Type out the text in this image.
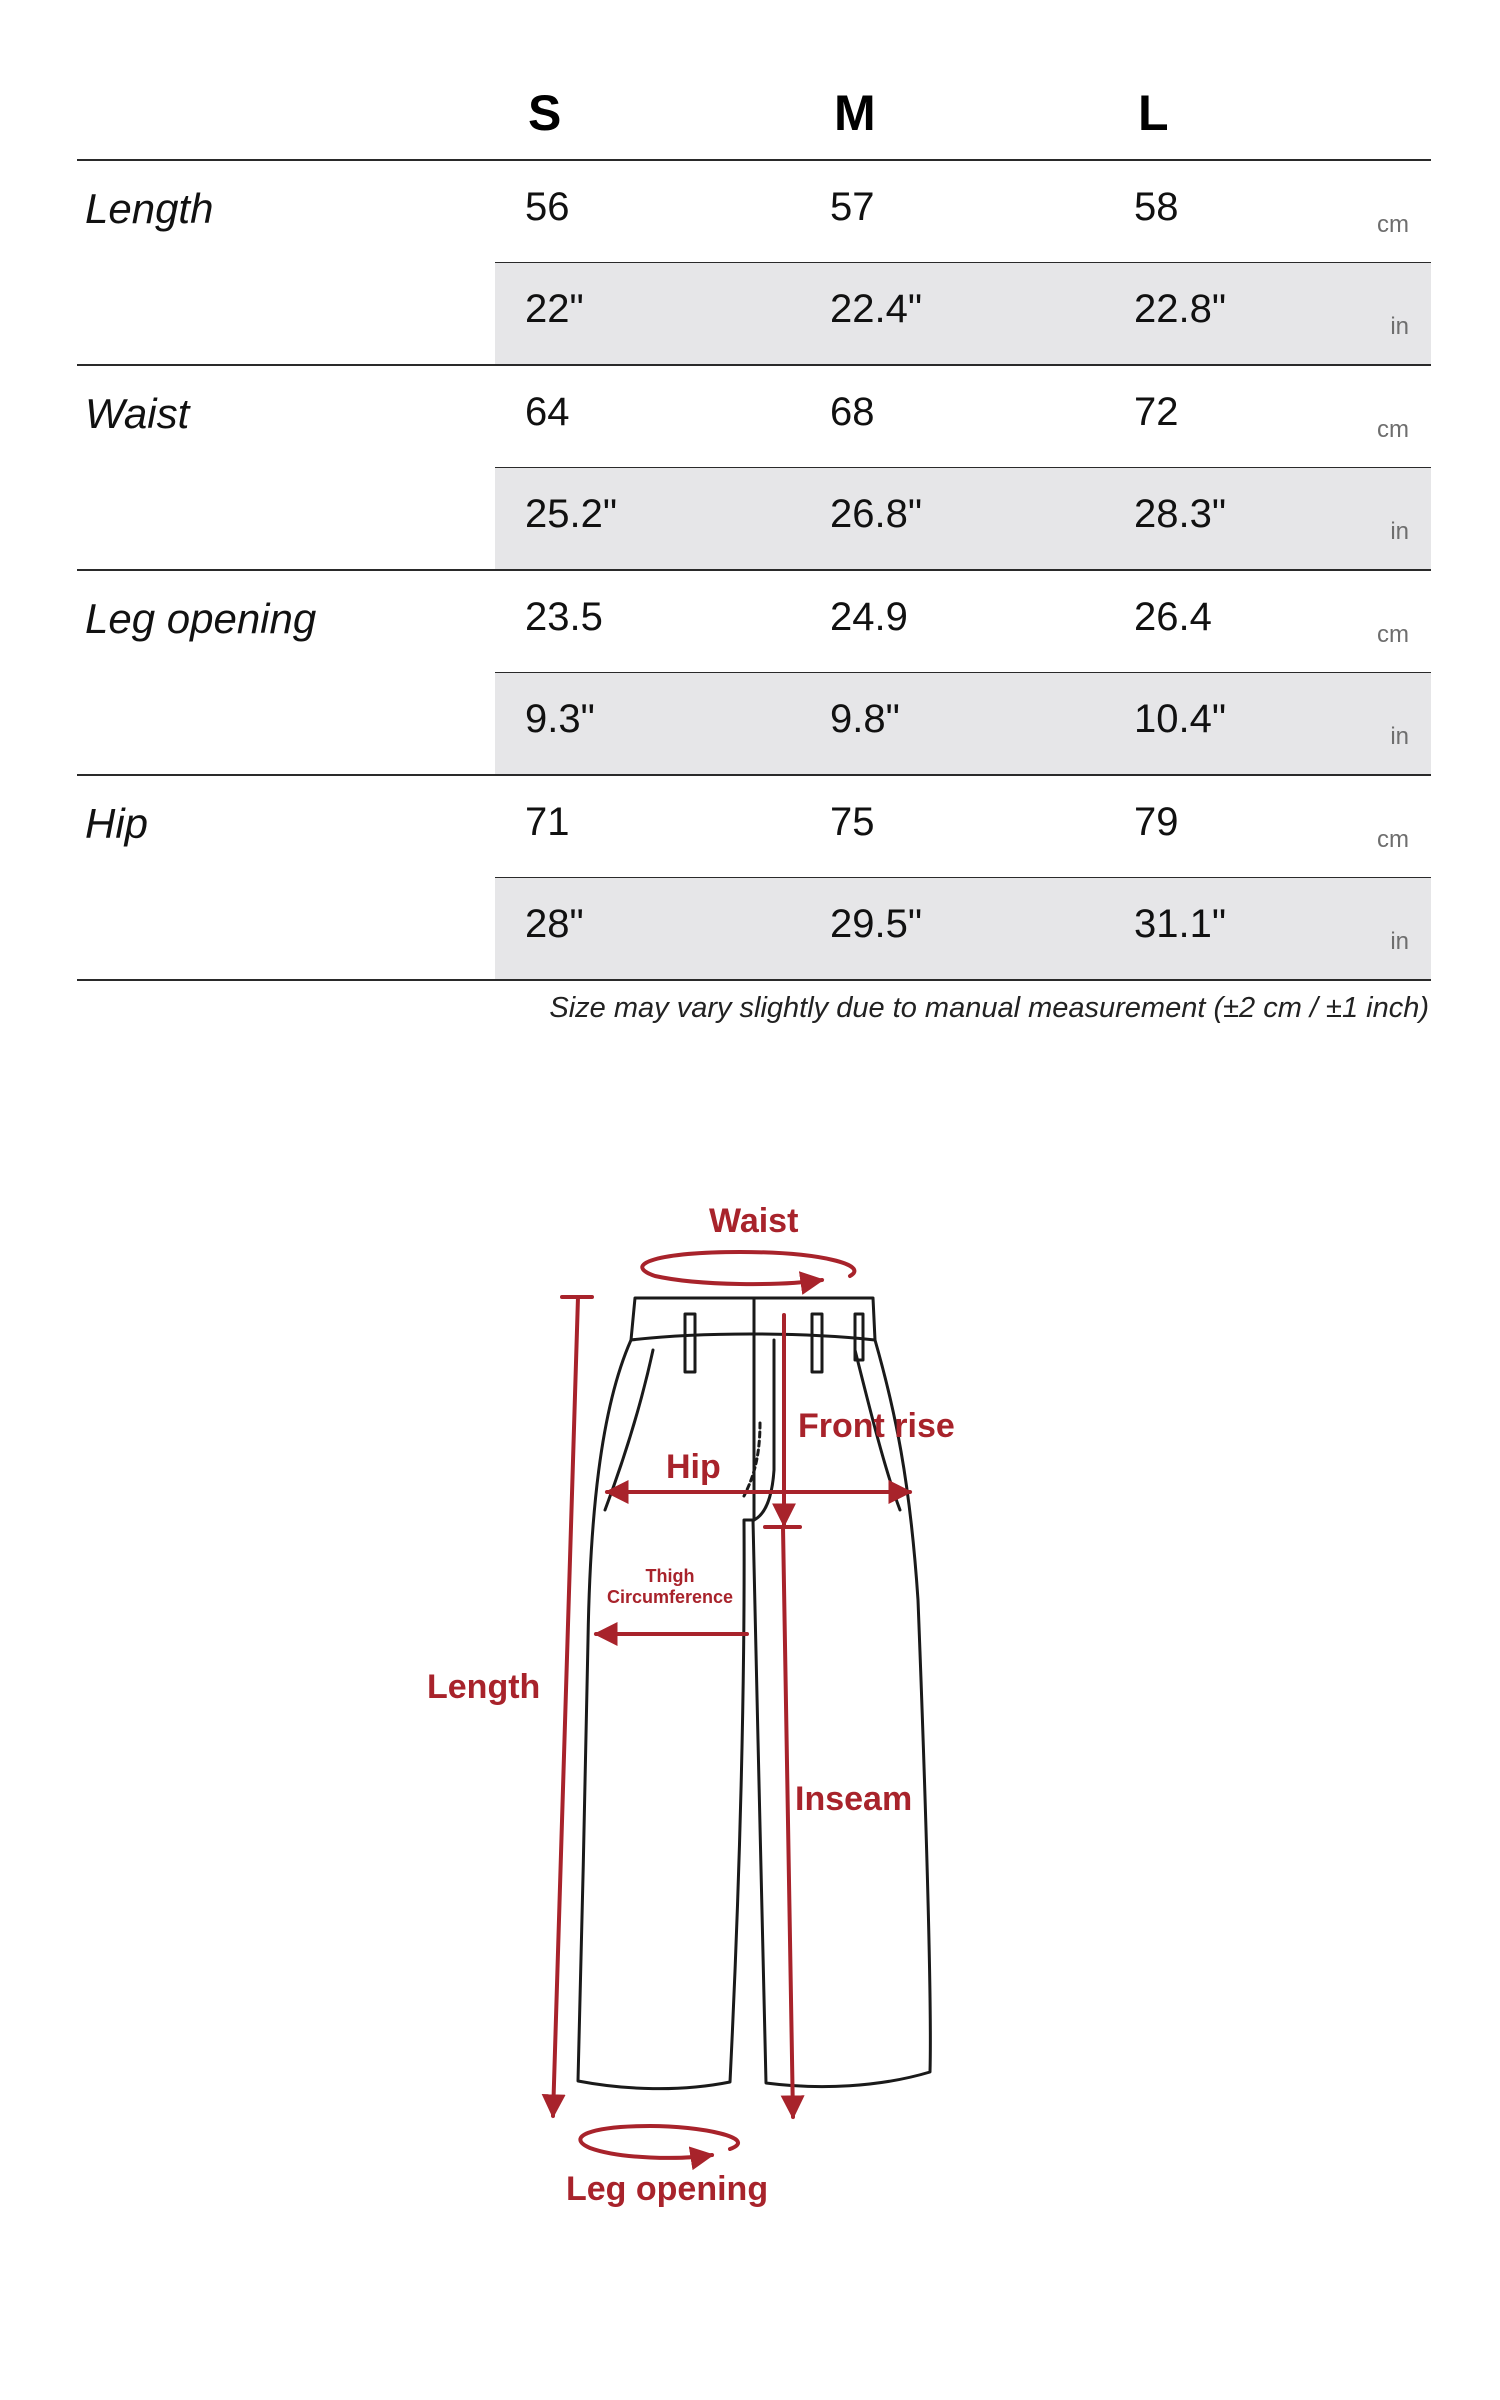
S	M	L
Length	56	57	58	cm
22"	22.4"	22.8"	in
Waist	64	68	72	cm
25.2"	26.8"	28.3"	in
Leg opening	23.5	24.9	26.4	cm
9.3"	9.8"	10.4"	in
Hip	71	75	79	cm
28"	29.5"	31.1"	in
Size may vary slightly due to manual measurement (±2 cm / ±1 inch)
Waist
Front rise
Hip
Thigh
Circumference
Length
Inseam
Leg opening
